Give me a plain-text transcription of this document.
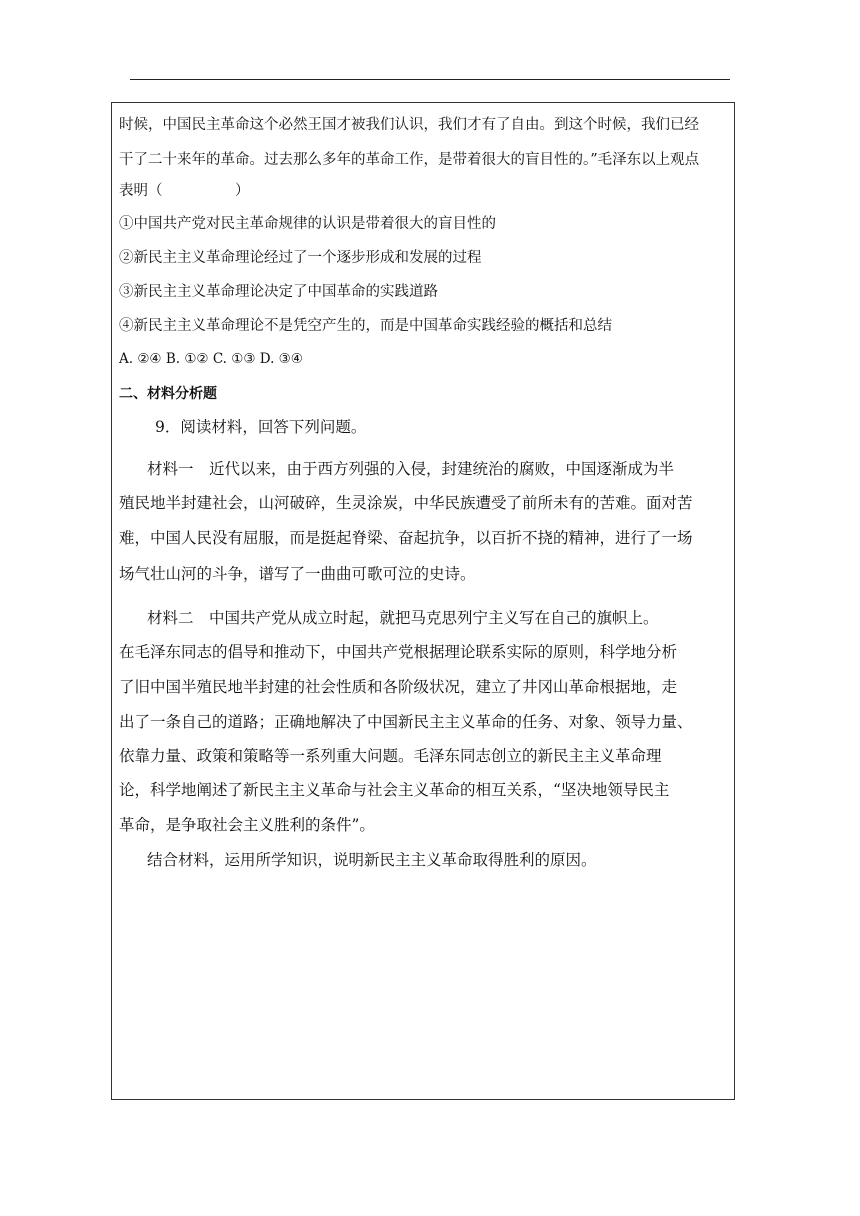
时候，中国民主革命这个必然王国才被我们认识，我们才有了自由。到这个时候，我们已经
干了二十来年的革命。过去那么多年的革命工作，是带着很大的盲目性的。”毛泽东以上观点
表明（　　　　　）
①中国共产党对民主革命规律的认识是带着很大的盲目性的
②新民主主义革命理论经过了一个逐步形成和发展的过程
③新民主主义革命理论决定了中国革命的实践道路
④新民主主义革命理论不是凭空产生的，而是中国革命实践经验的概括和总结
A. ②④ B. ①② C. ①③ D. ③④
二、材料分析题
9．阅读材料，回答下列问题。
材料一　近代以来，由于西方列强的入侵，封建统治的腐败，中国逐渐成为半
殖民地半封建社会，山河破碎，生灵涂炭，中华民族遭受了前所未有的苦难。面对苦
难，中国人民没有屈服，而是挺起脊梁、奋起抗争，以百折不挠的精神，进行了一场
场气壮山河的斗争，谱写了一曲曲可歌可泣的史诗。
材料二　中国共产党从成立时起，就把马克思列宁主义写在自己的旗帜上。
在毛泽东同志的倡导和推动下，中国共产党根据理论联系实际的原则，科学地分析
了旧中国半殖民地半封建的社会性质和各阶级状况，建立了井冈山革命根据地，走
出了一条自己的道路；正确地解决了中国新民主主义革命的任务、对象、领导力量、
依靠力量、政策和策略等一系列重大问题。毛泽东同志创立的新民主主义革命理
论，科学地阐述了新民主主义革命与社会主义革命的相互关系，“坚决地领导民主
革命，是争取社会主义胜利的条件”。
结合材料，运用所学知识，说明新民主主义革命取得胜利的原因。
